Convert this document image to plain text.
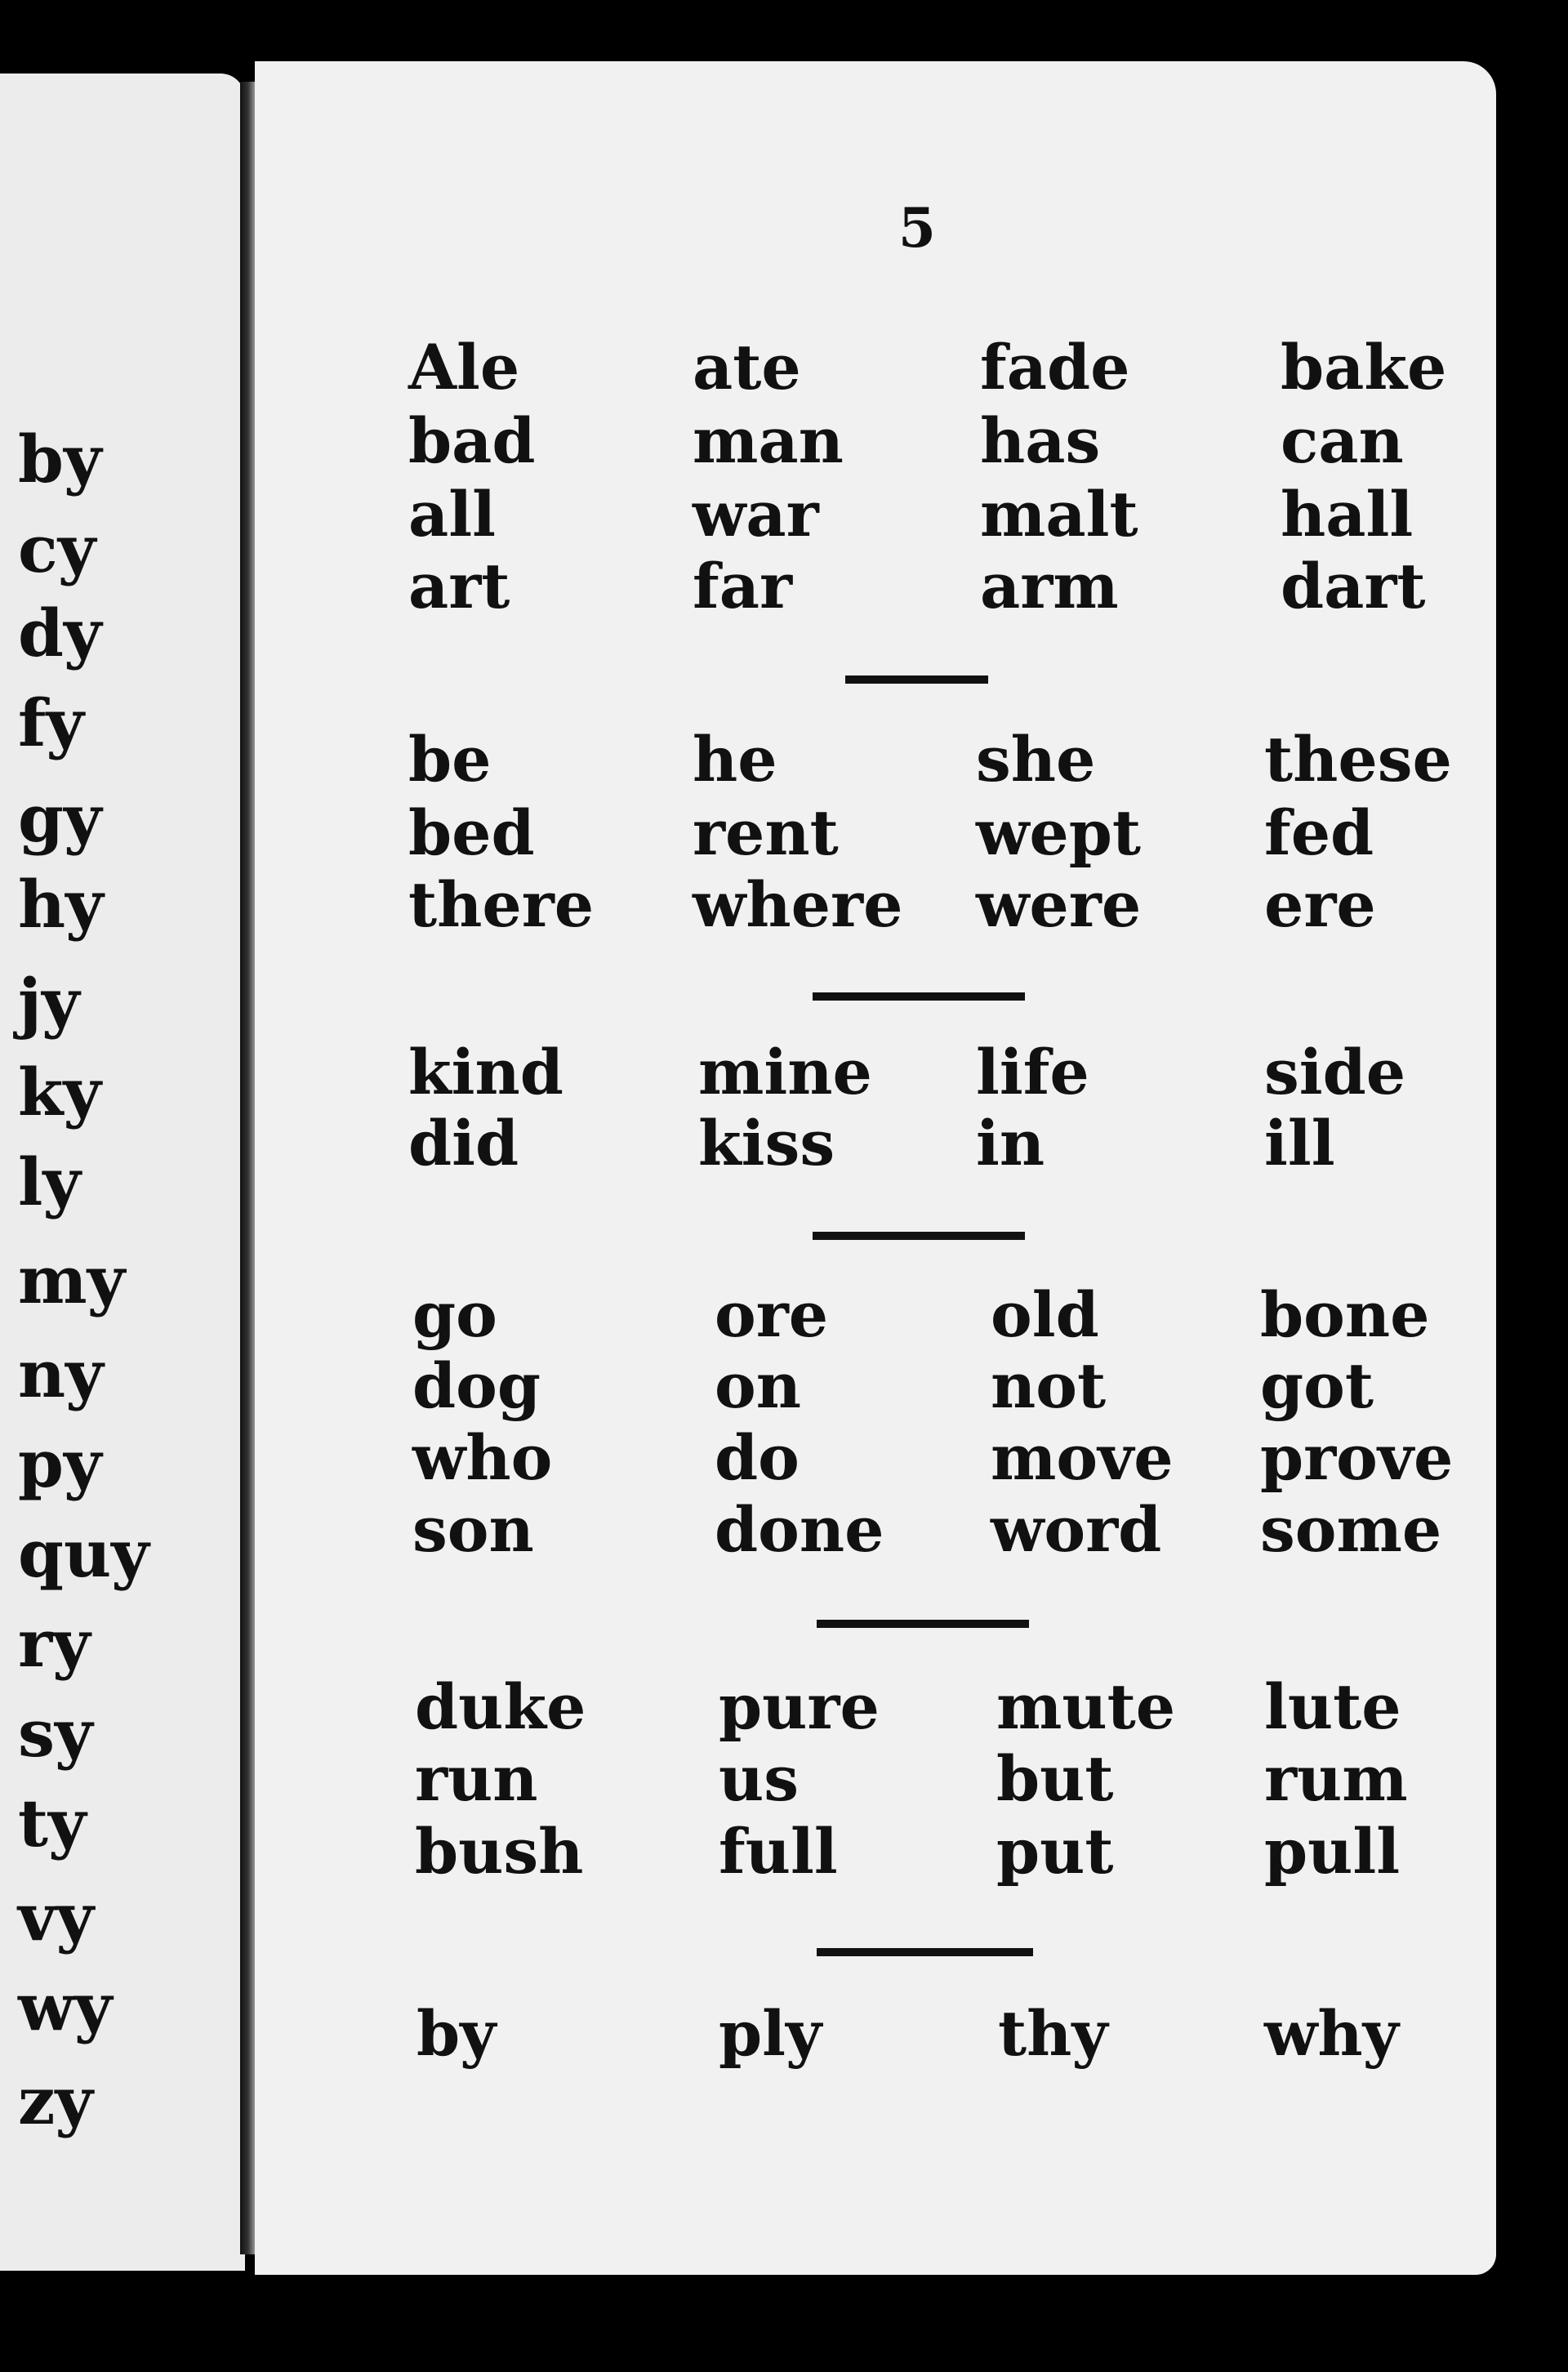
5
by
cy
dy
fy
gy
hy
jy
ky
ly
my
ny
py
quy
ry
sy
ty
vy
wy
zy
Ale	ate	fade bake
bad	man has	can
all	war	malt hall
art	far	arm	dart
be	he	she	these
bed	rent wept fed
there where were ere
kind mine life	side
did	kiss in	ill
go	ore	old	bone
dog	on	not got
who	do	move prove
son	done word some
duke pure mute lute
run	us	but rum
bush full	put pull
by	ply	thy	why
